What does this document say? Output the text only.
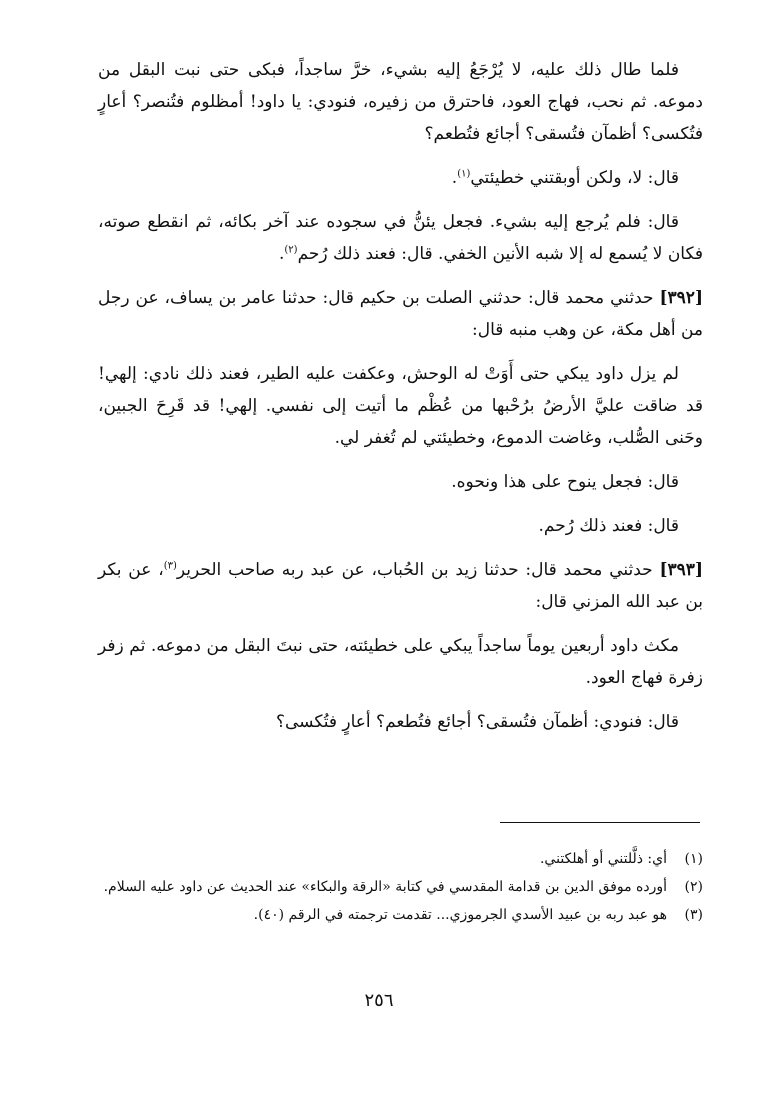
فلما طال ذلك عليه، لا يُرْجَعُ إليه بشيء، خرَّ ساجداً، فبكى حتى نبت البقل من دموعه. ثم نحب، فهاج العود، فاحترق من زفيره، فنودي: يا داود! أمظلوم فتُنصر؟ أعارٍ فتُكسى؟ أظمآن فتُسقى؟ أجائع فتُطعم؟

قال: لا، ولكن أوبقتني خطيئتي$^{(١)}$.

قال: فلم يُرجع إليه بشيء. فجعل يئنُّ في سجوده عند آخر بكائه، ثم انقطع صوته، فكان لا يُسمع له إلا شبه الأنين الخفي. قال: فعند ذلك رُحم$^{(٢)}$.

[٣٩٢] حدثني محمد قال: حدثني الصلت بن حكيم قال: حدثنا عامر بن يساف، عن رجل من أهل مكة، عن وهب منبه قال:

لم يزل داود يبكي حتى أَوَتْ له الوحش، وعكفت عليه الطير، فعند ذلك نادي: إلهي! قد ضاقت عليَّ الأرضُ برُحْبها من عُظْم ما أتيت إلى نفسي. إلهي! قد قَرِحَ الجبين، وحَنى الصُّلب، وغاضت الدموع، وخطيئتي لم تُغفر لي.

قال: فجعل ينوح على هذا ونحوه.

قال: فعند ذلك رُحم.

[٣٩٣] حدثني محمد قال: حدثنا زيد بن الحُباب، عن عبد ربه صاحب الحرير$^{(٣)}$، عن بكر بن عبد الله المزني قال:

مكث داود أربعين يوماً ساجداً يبكي على خطيئته، حتى نبتَ البقل من دموعه. ثم زفر زفرة فهاج العود.

قال: فنودي: أظمآن فتُسقى؟ أجائع فتُطعم؟ أعارٍ فتُكسى؟

(١)
أي: ذلَّلتني أو أهلكتني.
(٢)
أورده موفق الدين بن قدامة المقدسي في كتابة «الرقة والبكاء» عند الحديث عن داود عليه السلام.
(٣)
هو عبد ربه بن عبيد الأسدي الجرموزي... تقدمت ترجمته في الرقم (٤٠).
٢٥٦
